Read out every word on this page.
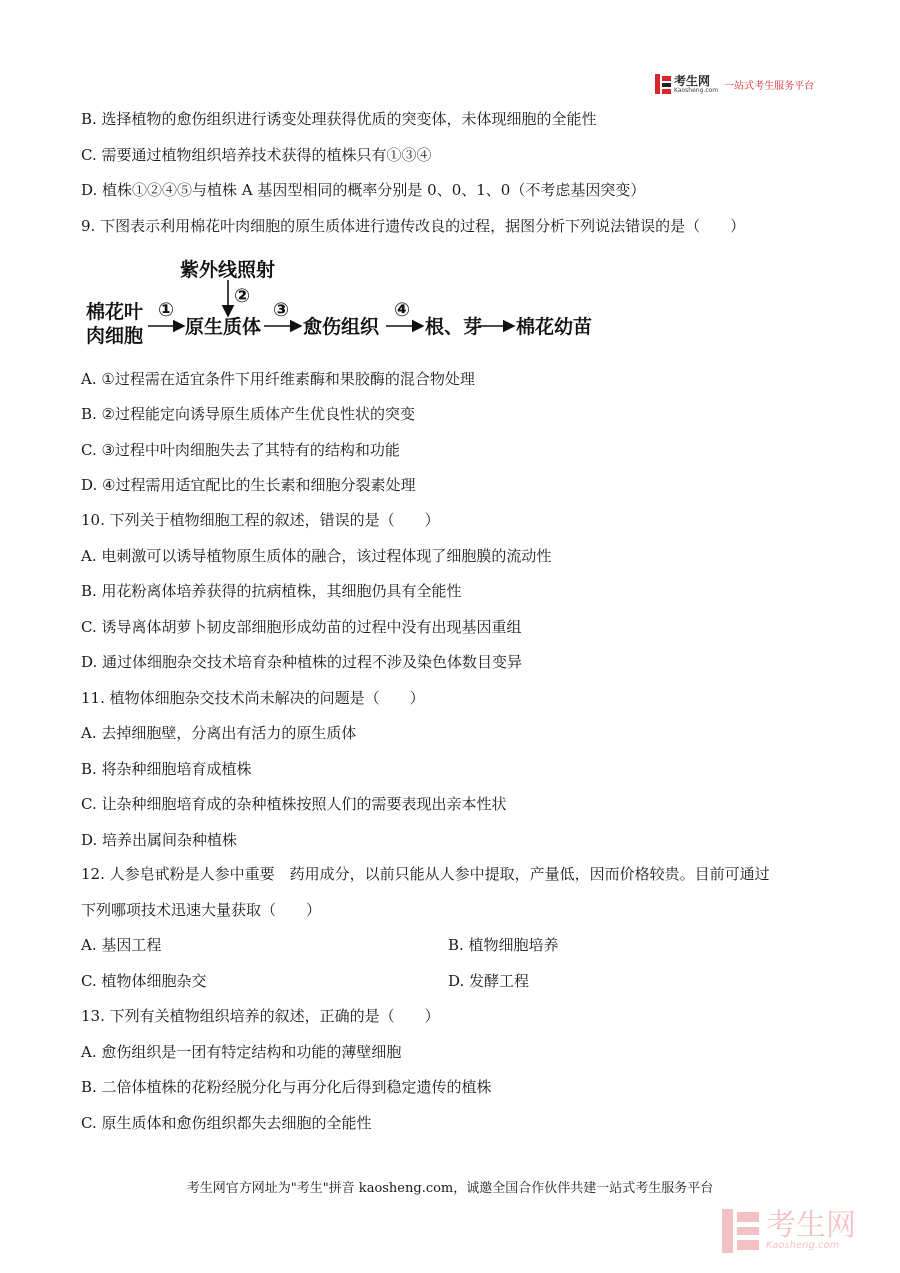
考生网
Kaosheng.com 一站式考生服务平台
B. 选择植物的愈伤组织进行诱变处理获得优质的突变体，未体现细胞的全能性
C. 需要通过植物组织培养技术获得的植株只有①③④
D. 植株①②④⑤与植株 A 基因型相同的概率分别是 0、0、1、0（不考虑基因突变）
9. 下图表示利用棉花叶肉细胞的原生质体进行遗传改良的过程，据图分析下列说法错误的是（　　）
紫外线照射
②
棉花叶
肉细胞
①
原生质体
③
愈伤组织
④
根、芽 棉花幼苗
A. ①过程需在适宜条件下用纤维素酶和果胶酶的混合物处理
B. ②过程能定向诱导原生质体产生优良性状的突变
C. ③过程中叶肉细胞失去了其特有的结构和功能
D. ④过程需用适宜配比的生长素和细胞分裂素处理
10. 下列关于植物细胞工程的叙述，错误的是（　　）
A. 电刺激可以诱导植物原生质体的融合，该过程体现了细胞膜的流动性
B. 用花粉离体培养获得的抗病植株，其细胞仍具有全能性
C. 诱导离体胡萝卜韧皮部细胞形成幼苗的过程中没有出现基因重组
D. 通过体细胞杂交技术培育杂种植株的过程不涉及染色体数目变异
11. 植物体细胞杂交技术尚未解决的问题是（　　）
A. 去掉细胞壁，分离出有活力的原生质体
B. 将杂种细胞培育成植株
C. 让杂种细胞培育成的杂种植株按照人们的需要表现出亲本性状
D. 培养出属间杂种植株
12. 人参皂甙粉是人参中重要　药用成分，以前只能从人参中提取，产量低，因而价格较贵。目前可通过
下列哪项技术迅速大量获取（　　）
A. 基因工程	B. 植物细胞培养
C. 植物体细胞杂交	D. 发酵工程
13. 下列有关植物组织培养的叙述，正确的是（　　）
A. 愈伤组织是一团有特定结构和功能的薄壁细胞
B. 二倍体植株的花粉经脱分化与再分化后得到稳定遗传的植株
C. 原生质体和愈伤组织都失去细胞的全能性
考生网官方网址为"考生"拼音 kaosheng.com，诚邀全国合作伙伴共建一站式考生服务平台
考生网
Kaosheng.com
